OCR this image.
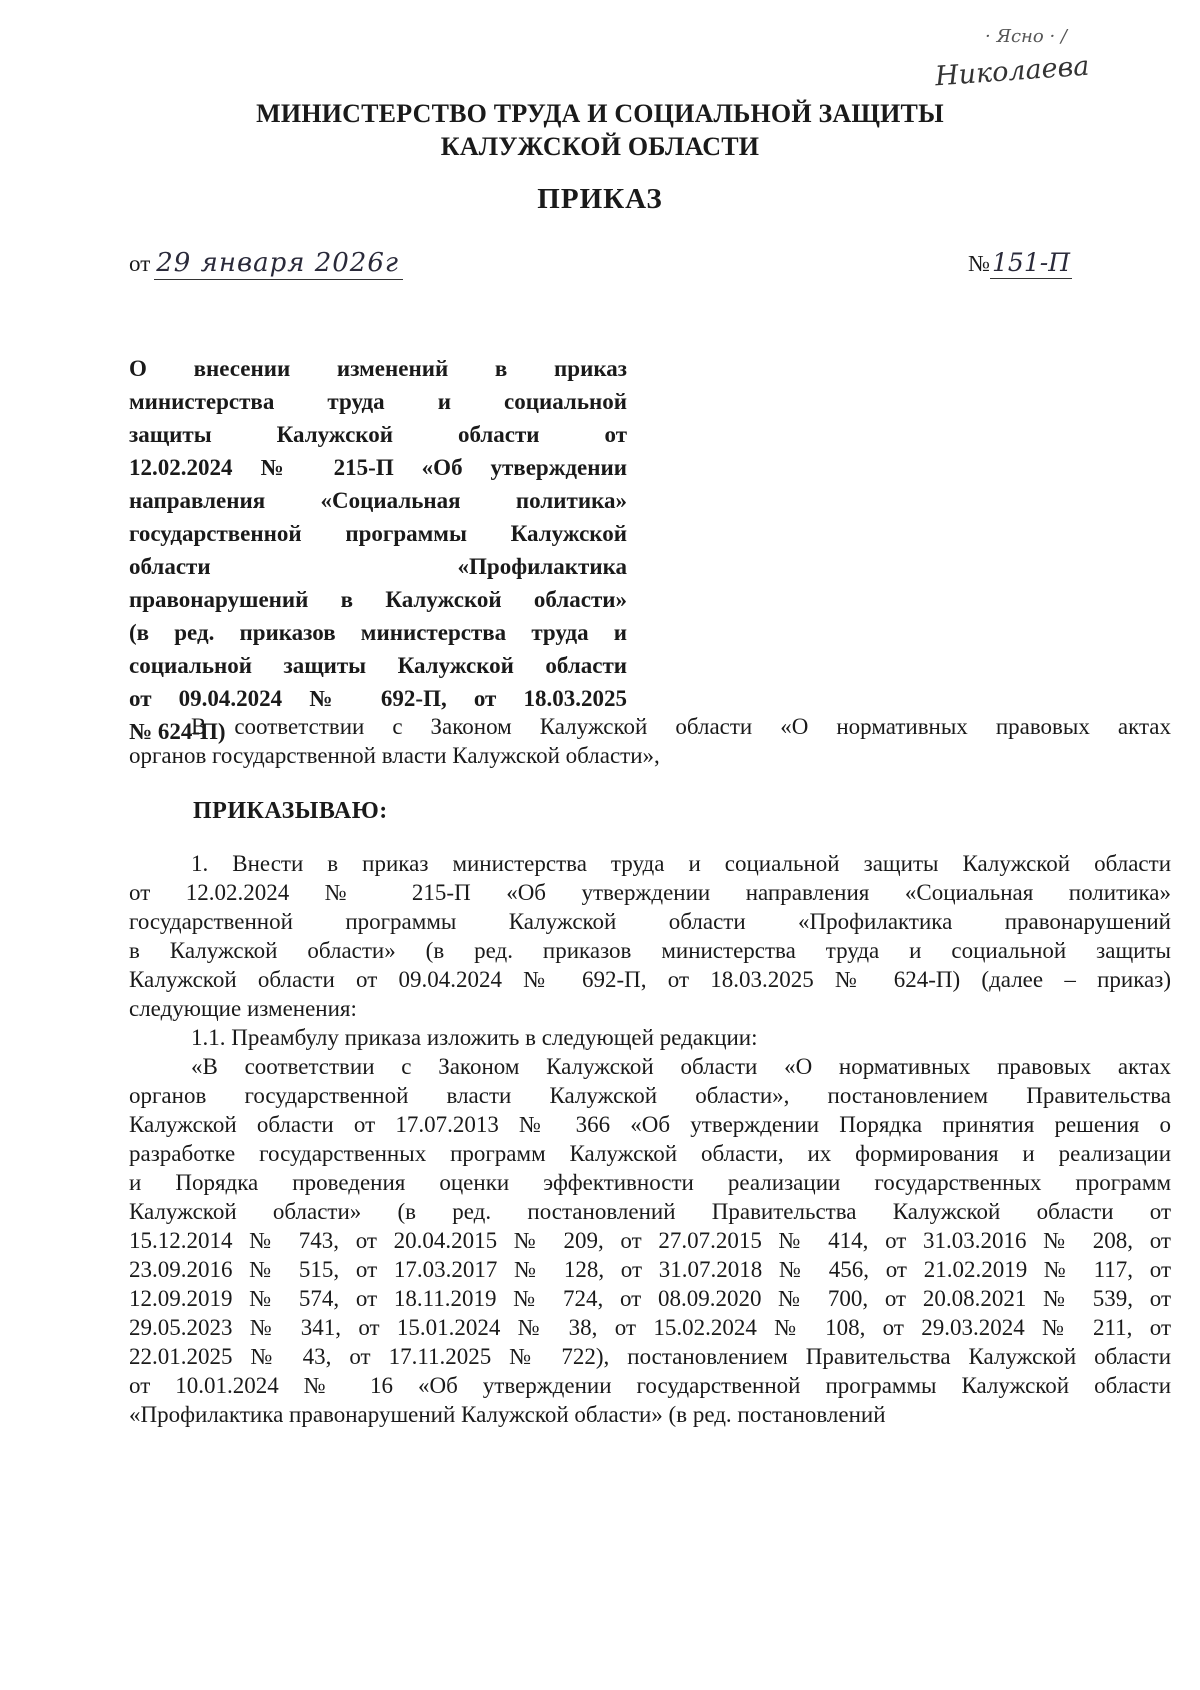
· Ясно · /
Николаева
МИНИСТЕРСТВО ТРУДА И СОЦИАЛЬНОЙ ЗАЩИТЫ
КАЛУЖСКОЙ ОБЛАСТИ
ПРИКАЗ
от 29 января 2026г	№151-П
О внесении изменений в приказ
министерства труда и социальной
защиты Калужской области от
12.02.2024 № 215-П «Об утверждении
направления «Социальная политика»
государственной программы Калужской
области «Профилактика
правонарушений в Калужской области»
(в ред. приказов министерства труда и
социальной защиты Калужской области
от 09.04.2024 № 692-П, от 18.03.2025
№ 624-П)
В соответствии с Законом Калужской области «О нормативных правовых актах
органов государственной власти Калужской области»,
ПРИКАЗЫВАЮ:
1. Внести в приказ министерства труда и социальной защиты Калужской области
от 12.02.2024 № 215-П «Об утверждении направления «Социальная политика»
государственной программы Калужской области «Профилактика правонарушений
в Калужской области» (в ред. приказов министерства труда и социальной защиты
Калужской области от 09.04.2024 № 692-П, от 18.03.2025 № 624-П) (далее – приказ)
следующие изменения:
1.1. Преамбулу приказа изложить в следующей редакции:
«В соответствии с Законом Калужской области «О нормативных правовых актах
органов государственной власти Калужской области», постановлением Правительства
Калужской области от 17.07.2013 № 366 «Об утверждении Порядка принятия решения о
разработке государственных программ Калужской области, их формирования и реализации
и Порядка проведения оценки эффективности реализации государственных программ
Калужской области» (в ред. постановлений Правительства Калужской области от
15.12.2014 № 743, от 20.04.2015 № 209, от 27.07.2015 № 414, от 31.03.2016 № 208, от
23.09.2016 № 515, от 17.03.2017 № 128, от 31.07.2018 № 456, от 21.02.2019 № 117, от
12.09.2019 № 574, от 18.11.2019 № 724, от 08.09.2020 № 700, от 20.08.2021 № 539, от
29.05.2023 № 341, от 15.01.2024 № 38, от 15.02.2024 № 108, от 29.03.2024 № 211, от
22.01.2025 № 43, от 17.11.2025 № 722), постановлением Правительства Калужской области
от 10.01.2024 № 16 «Об утверждении государственной программы Калужской области
«Профилактика правонарушений Калужской области» (в ред. постановлений
